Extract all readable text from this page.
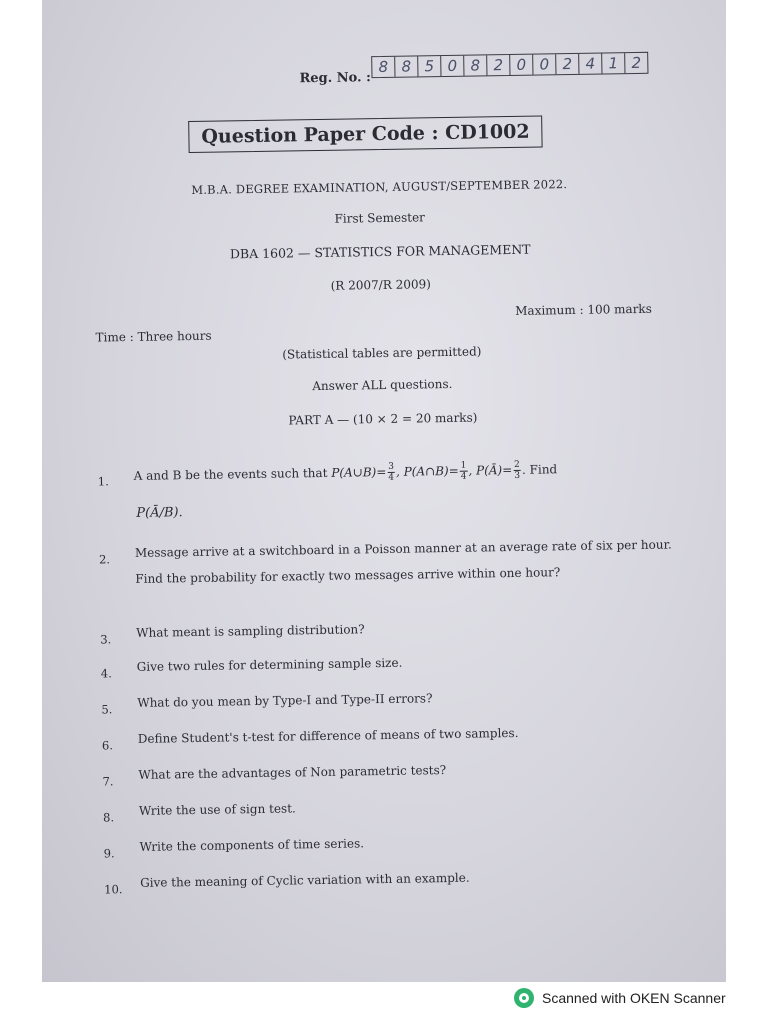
Reg. No. :
8 8 5 0 8 2 0 0 2 4 1 2
Question Paper Code : CD1002
M.B.A. DEGREE EXAMINATION, AUGUST/SEPTEMBER 2022.
First Semester
DBA 1602 — STATISTICS FOR MANAGEMENT
(R 2007/R 2009)
Time : Three hours
Maximum : 100 marks
(Statistical tables are permitted)
Answer ALL questions.
PART A — (10 × 2 = 20 marks)
1.	A and B be the events such that P(A∪B)= $\frac{3}{4}$ , P(A∩B)= $\frac{1}{4}$ , P(Ā)= $\frac{2}{3}$ . Find
P(Ā/B).
2.	Message arrive at a switchboard in a Poisson manner at an average rate of six per hour. Find the probability for exactly two messages arrive within one hour?
3.	What meant is sampling distribution?
4.	Give two rules for determining sample size.
5.	What do you mean by Type-I and Type-II errors?
6.	Define Student's t-test for difference of means of two samples.
7.	What are the advantages of Non parametric tests?
8.	Write the use of sign test.
9.	Write the components of time series.
10.	Give the meaning of Cyclic variation with an example.
Scanned with OKEN Scanner
